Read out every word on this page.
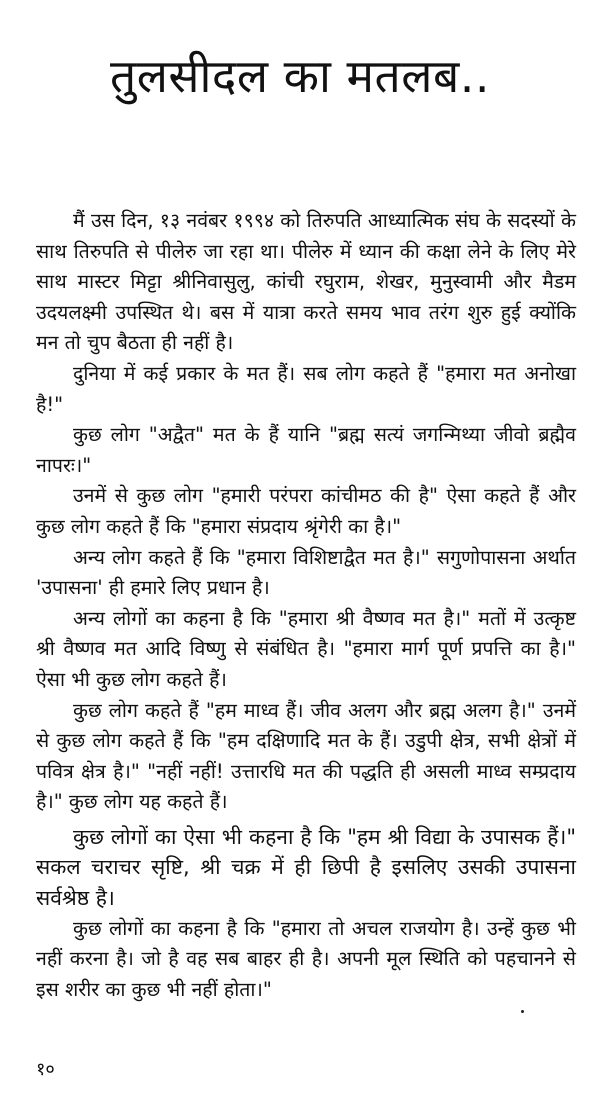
तुलसीदल का मतलब..

मैं उस दिन, १३ नवंबर १९९४ को तिरुपति आध्यात्मिक संघ के सदस्यों के साथ तिरुपति से पीलेरु जा रहा था। पीलेरु में ध्यान की कक्षा लेने के लिए मेरे साथ मास्टर मिट्टा श्रीनिवासुलु, कांची रघुराम, शेखर, मुनुस्वामी और मैडम उदयलक्ष्मी उपस्थित थे। बस में यात्रा करते समय भाव तरंग शुरु हुई क्योंकि मन तो चुप बैठता ही नहीं है।

दुनिया में कई प्रकार के मत हैं। सब लोग कहते हैं "हमारा मत अनोखा है!"

कुछ लोग "अद्वैत" मत के हैं यानि "ब्रह्म सत्यं जगन्मिथ्या जीवो ब्रह्मैव नापरः।"

उनमें से कुछ लोग "हमारी परंपरा कांचीमठ की है" ऐसा कहते हैं और कुछ लोग कहते हैं कि "हमारा संप्रदाय श्रृंगेरी का है।"

अन्य लोग कहते हैं कि "हमारा विशिष्टाद्वैत मत है।" सगुणोपासना अर्थात 'उपासना' ही हमारे लिए प्रधान है।

अन्य लोगों का कहना है कि "हमारा श्री वैष्णव मत है।" मतों में उत्कृष्ट श्री वैष्णव मत आदि विष्णु से संबंधित है। "हमारा मार्ग पूर्ण प्रपत्ति का है।" ऐसा भी कुछ लोग कहते हैं।

कुछ लोग कहते हैं "हम माध्व हैं। जीव अलग और ब्रह्म अलग है।" उनमें से कुछ लोग कहते हैं कि "हम दक्षिणादि मत के हैं। उडुपी क्षेत्र, सभी क्षेत्रों में पवित्र क्षेत्र है।" "नहीं नहीं! उत्तारधि मत की पद्धति ही असली माध्व सम्प्रदाय है।" कुछ लोग यह कहते हैं।

कुछ लोगों का ऐसा भी कहना है कि "हम श्री विद्या के उपासक हैं।" सकल चराचर सृष्टि, श्री चक्र में ही छिपी है इसलिए उसकी उपासना सर्वश्रेष्ठ है।

कुछ लोगों का कहना है कि "हमारा तो अचल राजयोग है। उन्हें कुछ भी नहीं करना है। जो है वह सब बाहर ही है। अपनी मूल स्थिति को पहचानने से इस शरीर का कुछ भी नहीं होता।"

१०
